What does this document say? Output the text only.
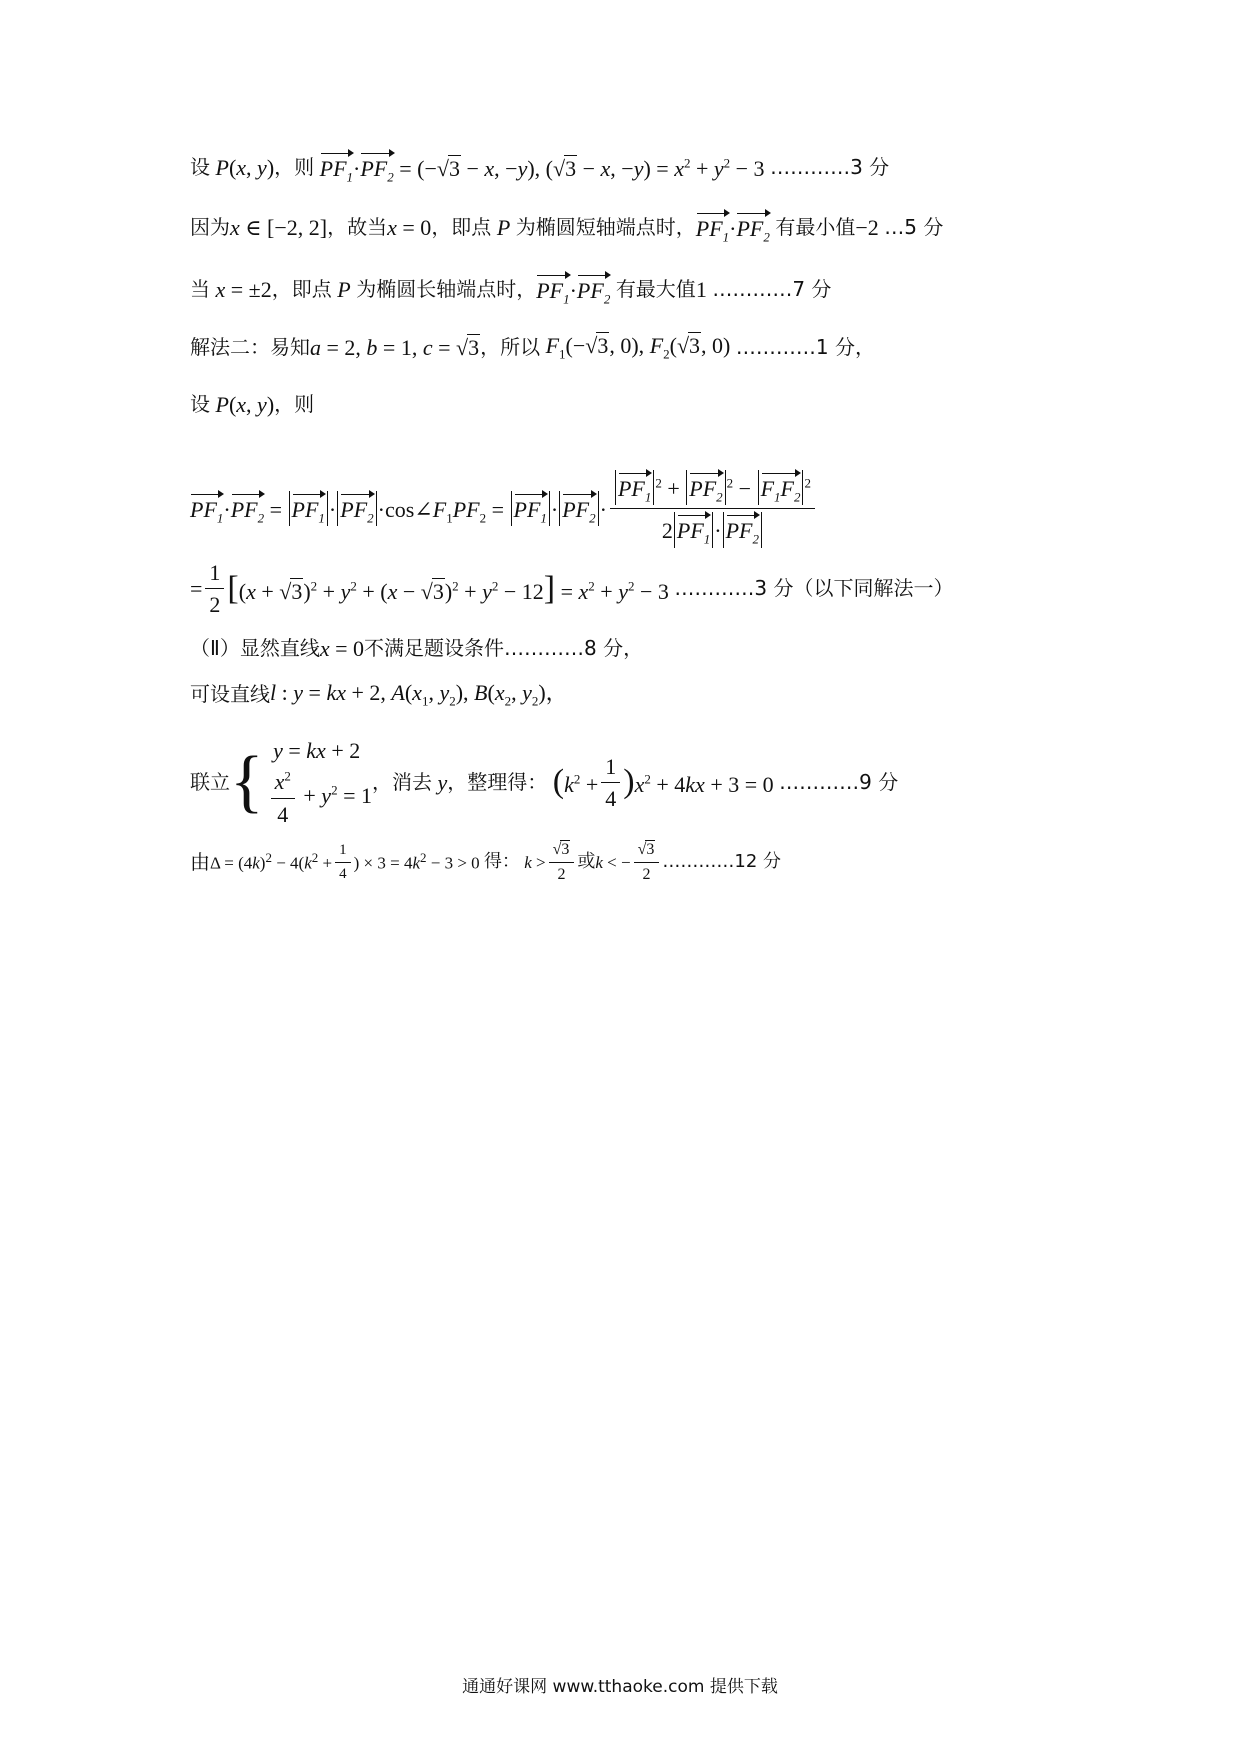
设 P(x, y) ，则 $PF_1\cdot PF_2 = (-√3 - x$, −y), (√3 − x, $-y) = x^2 + y^2 - 3$ …………3 分
因为 x ∈ [−2, 2] ，故当 x = 0 ，即点 P 为椭圆短轴端点时， $PF_1\cdot PF_2$ 有最小值 −2 …5 分
当 x = ±2 ，即点 P 为椭圆长轴端点时， $PF_1\cdot PF_2$ 有最大值 1 …………7 分
解法二：易知 a = 2, b = 1, c = √3 ，所以 $F_1(-√3$, 0), $F_2(√3$, 0) …………1 分，
设 P(x, y) ，则
$PF_1\cdot PF_2 = PF_1 \cdot PF_2$ $\cdot\cos\angle F_1PF_2 = PF_1 \cdot PF_2 \cdot \frac{PF_1^2 + PF_2^2 - F_1F_2^2}{2 PF_1 \cdot PF_2}$
= $\frac{1}{2} [(x + √3)^2 + y^2 + (x - √3)^2 + y^2 - 12] = x^2 + y^2 - 3$ …………3 分（以下同解法一）
（Ⅱ）显然直线 x = 0 不满足题设条件…………8 分，
可设直线 l : y = kx + 2, $A(x_1$, $y_2$), $B(x_2$, $y_2$)，
联立 { y = kx + 2
$\frac{x^2}{4} + y^2 = 1$
，消去 y ，整理得： $(k^2 + \frac{1}{4} )x^2 + 4kx + 3 = 0$ …………9 分
由 $\Delta = (4k)^2 - 4(k^2 + \frac{1}{4}$ ) × $3 = 4k^2 - 3 > 0$ 得： $k > \frac{√3}{2}$ 或 k < − $\frac{√3}{2}$ …………12 分
通通好课网 www.tthaoke.com 提供下载
